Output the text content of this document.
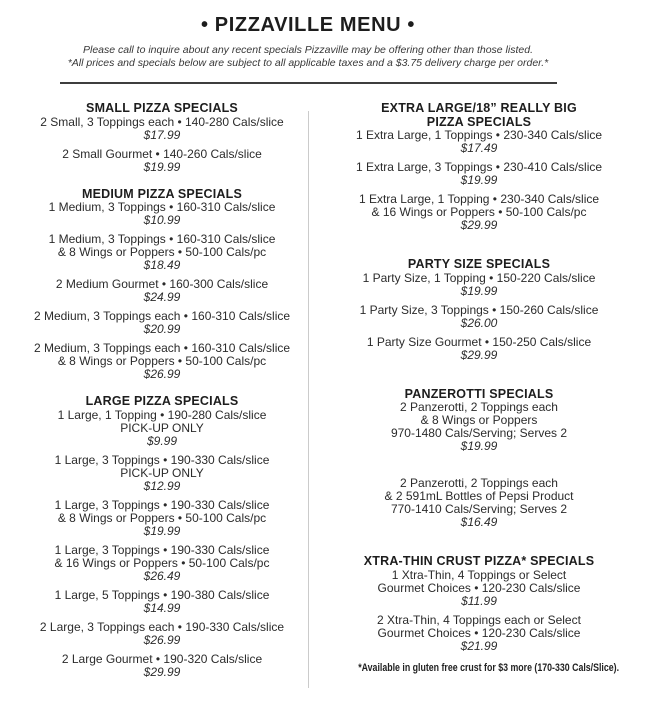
• PIZZAVILLE MENU •

Please call to inquire about any recent specials Pizzaville may be offering other than those listed.

*All prices and specials below are subject to all applicable taxes and a $3.75 delivery charge per order.*

SMALL PIZZA SPECIALS
2 Small, 3 Toppings each • 140-280 Cals/slice
$17.99
2 Small Gourmet • 140-260 Cals/slice
$19.99
MEDIUM PIZZA SPECIALS
1 Medium, 3 Toppings • 160-310 Cals/slice
$10.99
1 Medium, 3 Toppings • 160-310 Cals/slice
& 8 Wings or Poppers • 50-100 Cals/pc
$18.49
2 Medium Gourmet • 160-300 Cals/slice
$24.99
2 Medium, 3 Toppings each • 160-310 Cals/slice
$20.99
2 Medium, 3 Toppings each • 160-310 Cals/slice
& 8 Wings or Poppers • 50-100 Cals/pc
$26.99
LARGE PIZZA SPECIALS
1 Large, 1 Topping • 190-280 Cals/slice
PICK-UP ONLY
$9.99
1 Large, 3 Toppings • 190-330 Cals/slice
PICK-UP ONLY
$12.99
1 Large, 3 Toppings • 190-330 Cals/slice
& 8 Wings or Poppers • 50-100 Cals/pc
$19.99
1 Large, 3 Toppings • 190-330 Cals/slice
& 16 Wings or Poppers • 50-100 Cals/pc
$26.49
1 Large, 5 Toppings • 190-380 Cals/slice
$14.99
2 Large, 3 Toppings each • 190-330 Cals/slice
$26.99
2 Large Gourmet • 190-320 Cals/slice
$29.99
EXTRA LARGE/18” REALLY BIG
PIZZA SPECIALS
1 Extra Large, 1 Toppings • 230-340 Cals/slice
$17.49
1 Extra Large, 3 Toppings • 230-410 Cals/slice
$19.99
1 Extra Large, 1 Topping • 230-340 Cals/slice
& 16 Wings or Poppers • 50-100 Cals/pc
$29.99
PARTY SIZE SPECIALS
1 Party Size, 1 Topping • 150-220 Cals/slice
$19.99
1 Party Size, 3 Toppings • 150-260 Cals/slice
$26.00
1 Party Size Gourmet • 150-250 Cals/slice
$29.99
PANZEROTTI SPECIALS
2 Panzerotti, 2 Toppings each
& 8 Wings or Poppers
970-1480 Cals/Serving; Serves 2
$19.99
2 Panzerotti, 2 Toppings each
& 2 591mL Bottles of Pepsi Product
770-1410 Cals/Serving; Serves 2
$16.49
XTRA-THIN CRUST PIZZA* SPECIALS
1 Xtra-Thin, 4 Toppings or Select
Gourmet Choices • 120-230 Cals/slice
$11.99
2 Xtra-Thin, 4 Toppings each or Select
Gourmet Choices • 120-230 Cals/slice
$21.99
*Available in gluten free crust for $3 more (170-330 Cals/Slice).
